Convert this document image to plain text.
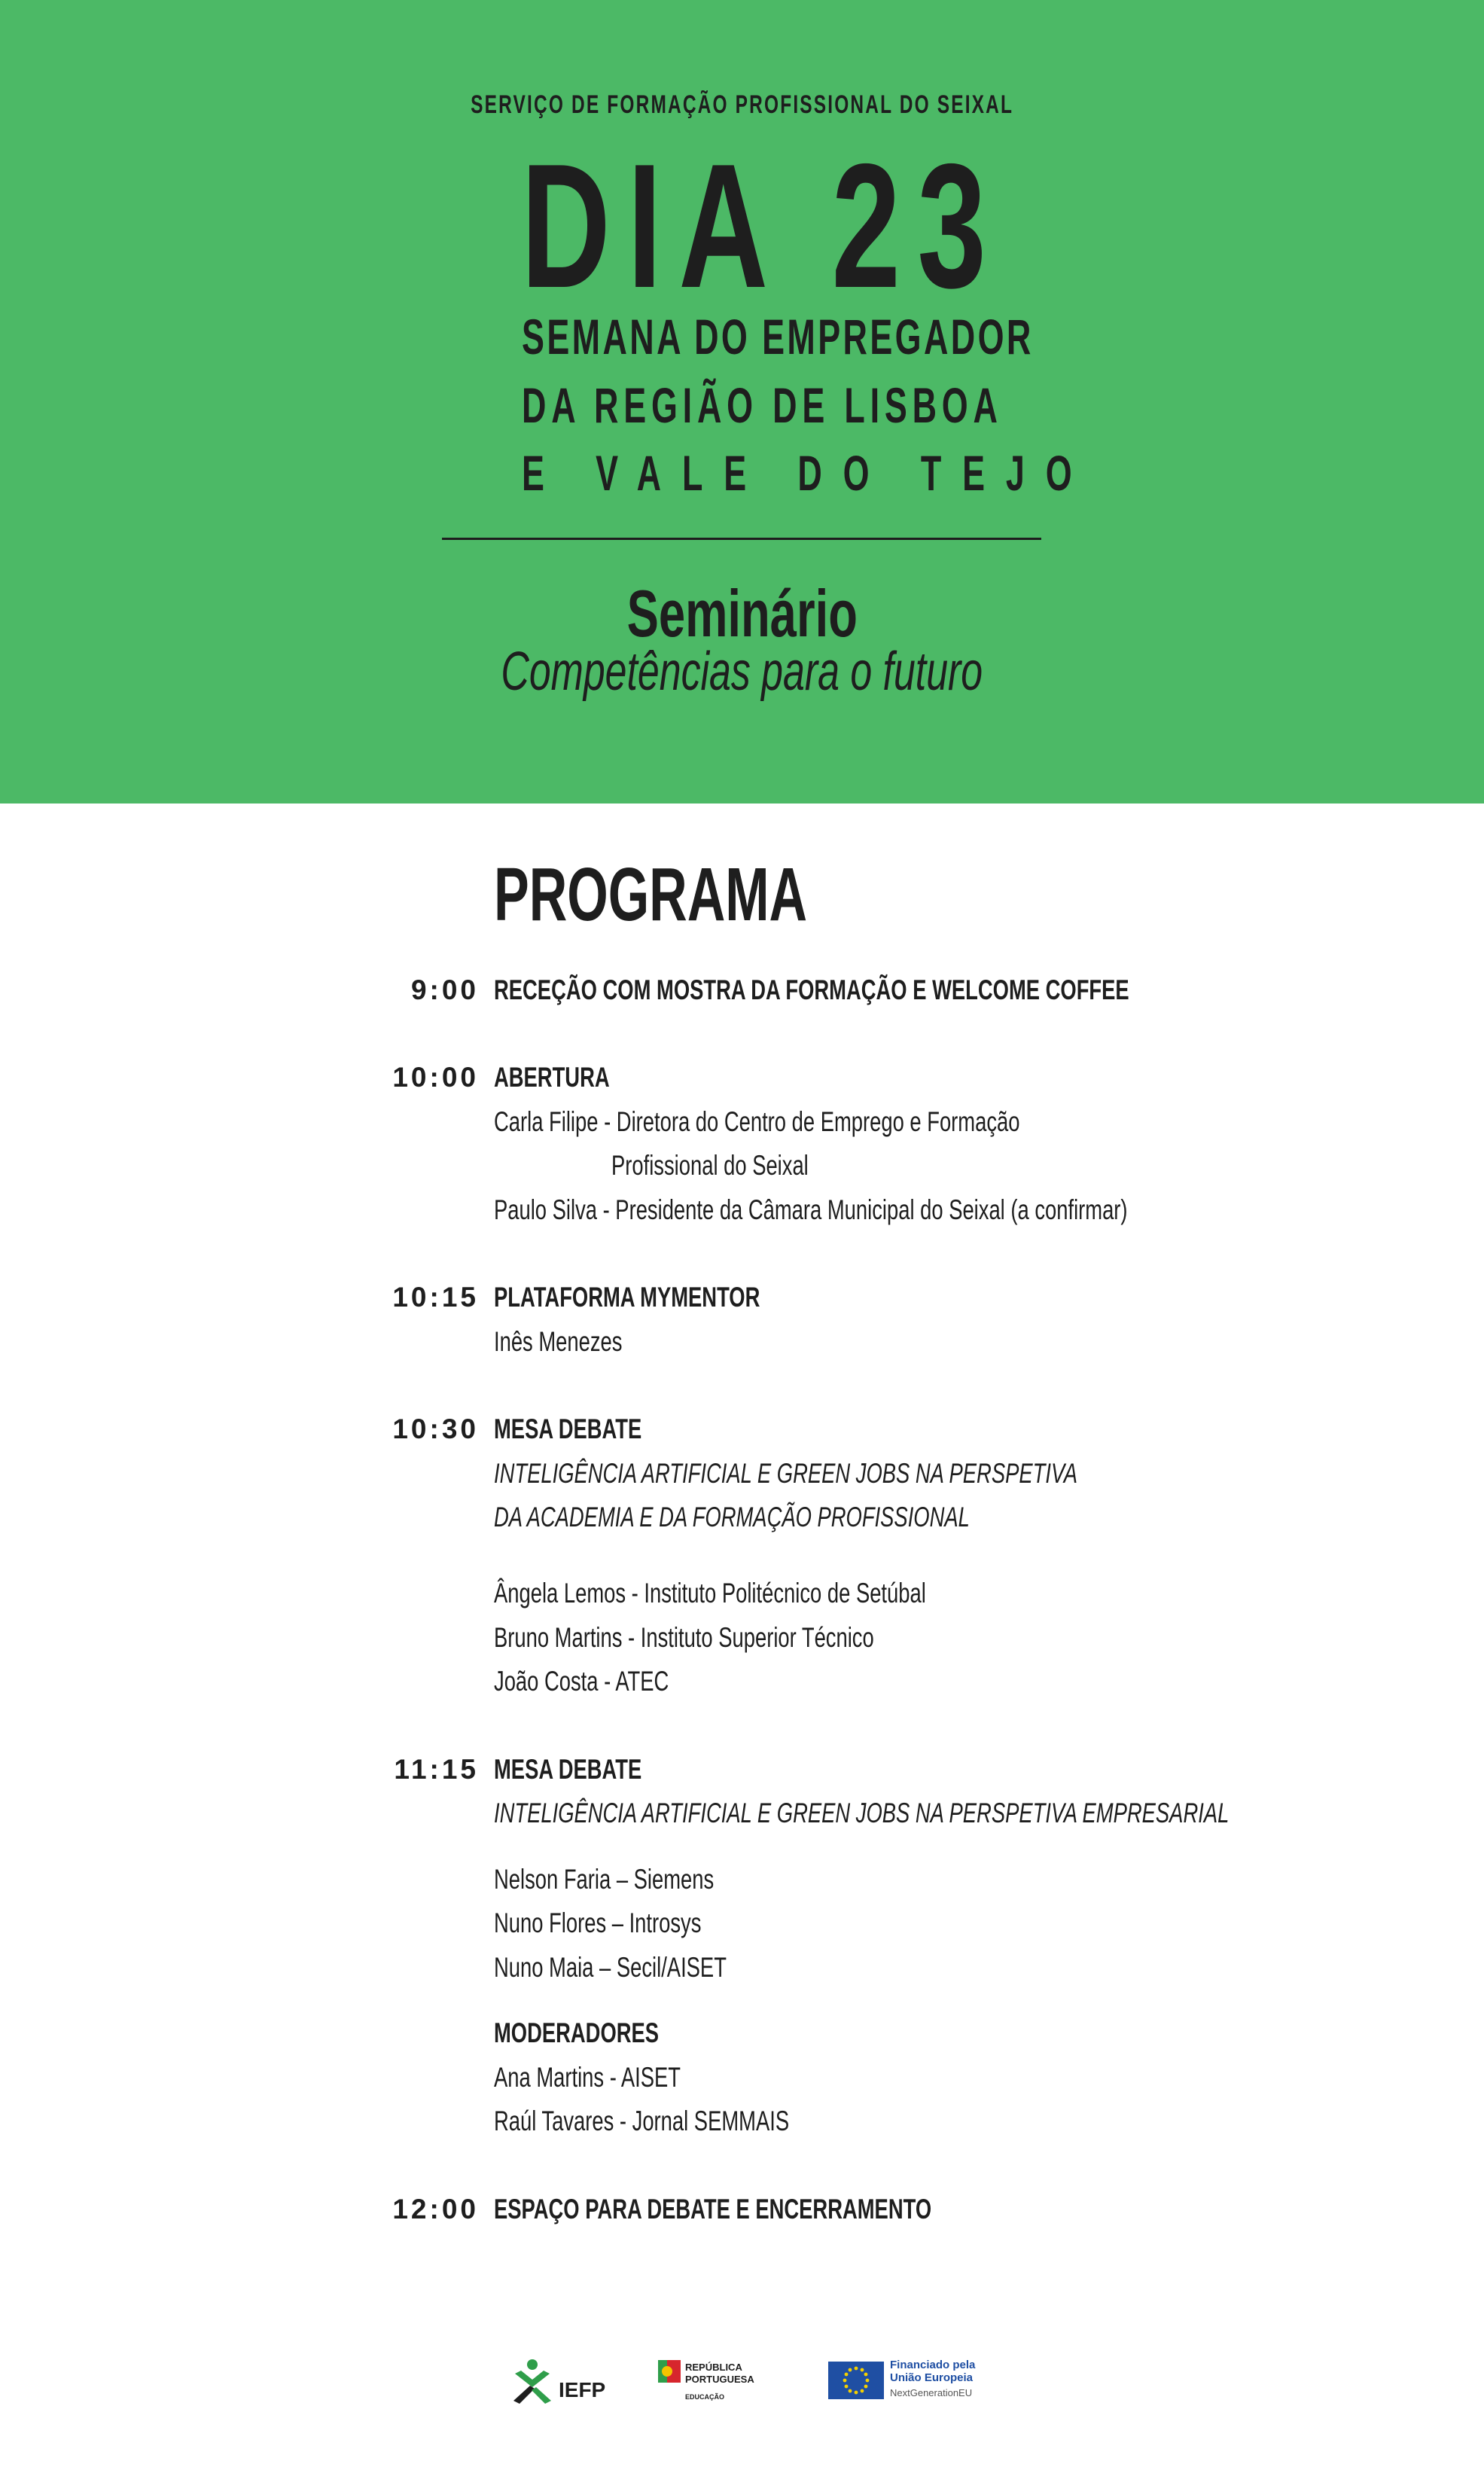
SERVIÇO DE FORMAÇÃO PROFISSIONAL DO SEIXAL
DIA 23
SEMANA DO EMPREGADOR
DA REGIÃO DE LISBOA
E VALE DO TEJO
Seminário
Competências para o futuro
PROGRAMA
9:00 RECEÇÃO COM MOSTRA DA FORMAÇÃO E WELCOME COFFEE
10:00 ABERTURA
Carla Filipe - Diretora do Centro de Emprego e Formação
Profissional do Seixal
Paulo Silva - Presidente da Câmara Municipal do Seixal (a confirmar)
10:15 PLATAFORMA MYMENTOR
Inês Menezes
10:30 MESA DEBATE
INTELIGÊNCIA ARTIFICIAL E GREEN JOBS NA PERSPETIVA
DA ACADEMIA E DA FORMAÇÃO PROFISSIONAL
Ângela Lemos - Instituto Politécnico de Setúbal
Bruno Martins - Instituto Superior Técnico
João Costa - ATEC
11:15 MESA DEBATE
INTELIGÊNCIA ARTIFICIAL E GREEN JOBS NA PERSPETIVA EMPRESARIAL
Nelson Faria – Siemens
Nuno Flores – Introsys
Nuno Maia – Secil/AISET
MODERADORES
Ana Martins - AISET
Raúl Tavares - Jornal SEMMAIS
12:00 ESPAÇO PARA DEBATE E ENCERRAMENTO
IEFP
REPÚBLICA
PORTUGUESA
EDUCAÇÃO
Financiado pela
União Europeia
NextGenerationEU
